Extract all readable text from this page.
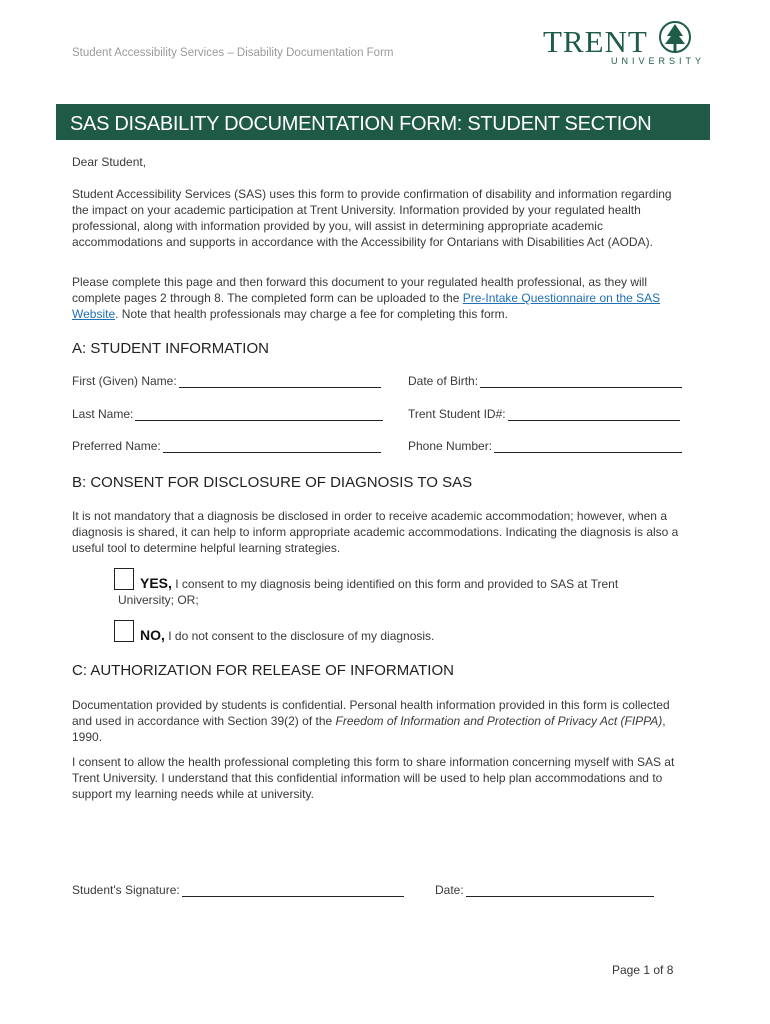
Student Accessibility Services – Disability Documentation Form	TRENT
UNIVERSITY
SAS DISABILITY DOCUMENTATION FORM: STUDENT SECTION
Dear Student,
Student Accessibility Services (SAS) uses this form to provide confirmation of disability and information regarding the impact on your academic participation at Trent University. Information provided by your regulated health professional, along with information provided by you, will assist in determining appropriate academic accommodations and supports in accordance with the Accessibility for Ontarians with Disabilities Act (AODA).
Please complete this page and then forward this document to your regulated health professional, as they will complete pages 2 through 8. The completed form can be uploaded to the Pre-Intake Questionnaire on the SAS Website. Note that health professionals may charge a fee for completing this form.
A: STUDENT INFORMATION
First (Given) Name:	Date of Birth:
Last Name:	Trent Student ID#:
Preferred Name:	Phone Number:
B: CONSENT FOR DISCLOSURE OF DIAGNOSIS TO SAS
It is not mandatory that a diagnosis be disclosed in order to receive academic accommodation; however, when a diagnosis is shared, it can help to inform appropriate academic accommodations. Indicating the diagnosis is also a useful tool to determine helpful learning strategies.
YES, I consent to my diagnosis being identified on this form and provided to SAS at Trent University; OR;
NO, I do not consent to the disclosure of my diagnosis.
C: AUTHORIZATION FOR RELEASE OF INFORMATION
Documentation provided by students is confidential. Personal health information provided in this form is collected and used in accordance with Section 39(2) of the Freedom of Information and Protection of Privacy Act (FIPPA), 1990.
I consent to allow the health professional completing this form to share information concerning myself with SAS at Trent University. I understand that this confidential information will be used to help plan accommodations and to support my learning needs while at university.
Student's Signature:	Date:
Page 1 of 8
